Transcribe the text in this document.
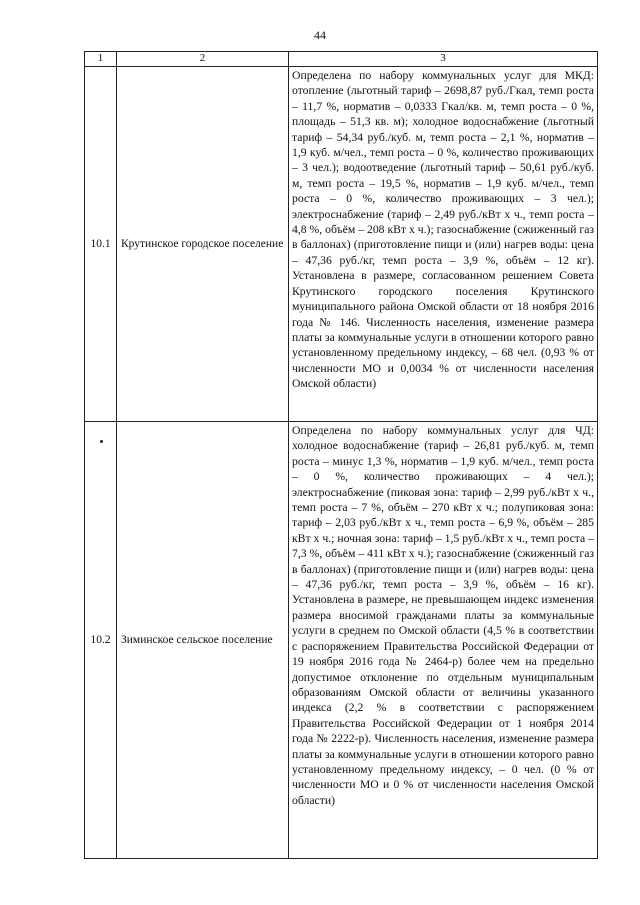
44
1	2	3
10.1	Крутинское городское поселение	Определена по набору коммунальных услуг для МКД: отопление (льготный тариф – 2698,87 руб./Гкал, темп роста – 11,7 %, норматив – 0,0333 Гкал/кв. м, темп роста – 0 %, площадь – 51,3 кв. м); холодное водоснабжение (льготный тариф – 54,34 руб./куб. м, темп роста – 2,1 %, норматив – 1,9 куб. м/чел., темп роста – 0 %, количество проживающих – 3 чел.); водоотведение (льготный тариф – 50,61 руб./куб. м, темп роста – 19,5 %, норматив – 1,9 куб. м/чел., темп роста – 0 %, количество проживающих – 3 чел.); электроснабжение (тариф – 2,49 руб./кВт х ч., темп роста – 4,8 %, объём – 208 кВт х ч.); газоснабжение (сжиженный газ в баллонах) (приготовление пищи и (или) нагрев воды: цена – 47,36 руб./кг, темп роста – 3,9 %, объём – 12 кг). Установлена в размере, согласованном решением Совета Крутинского городского поселения Крутинского муниципального района Омской области от 18 ноября 2016 года № 146. Численность населения, изменение размера платы за коммунальные услуги в отношении которого равно установленному предельному индексу, – 68 чел. (0,93 % от численности МО и 0,0034 % от численности населения Омской области)

10.2	Зиминское сельское поселение	Определена по набору коммунальных услуг для ЧД: холодное водоснабжение (тариф – 26,81 руб./куб. м, темп роста – минус 1,3 %, норматив – 1,9 куб. м/чел., темп роста – 0 %, количество проживающих – 4 чел.); электроснабжение (пиковая зона: тариф – 2,99 руб./кВт х ч., темп роста – 7 %, объём – 270 кВт х ч.; полупиковая зона: тариф – 2,03 руб./кВт х ч., темп роста – 6,9 %, объём – 285 кВт х ч.; ночная зона: тариф – 1,5 руб./кВт х ч., темп роста – 7,3 %, объём – 411 кВт х ч.); газоснабжение (сжиженный газ в баллонах) (приготовление пищи и (или) нагрев воды: цена – 47,36 руб./кг, темп роста – 3,9 %, объём – 16 кг). Установлена в размере, не превышающем индекс изменения размера вносимой гражданами платы за коммунальные услуги в среднем по Омской области (4,5 % в соответствии с распоряжением Правительства Российской Федерации от 19 ноября 2016 года № 2464-р) более чем на предельно допустимое отклонение по отдельным муниципальным образованиям Омской области от величины указанного индекса (2,2 % в соответствии с распоряжением Правительства Российской Федерации от 1 ноября 2014 года № 2222-р). Численность населения, изменение размера платы за коммунальные услуги в отношении которого равно установленному предельному индексу, – 0 чел. (0 % от численности МО и 0 % от численности населения Омской области)
